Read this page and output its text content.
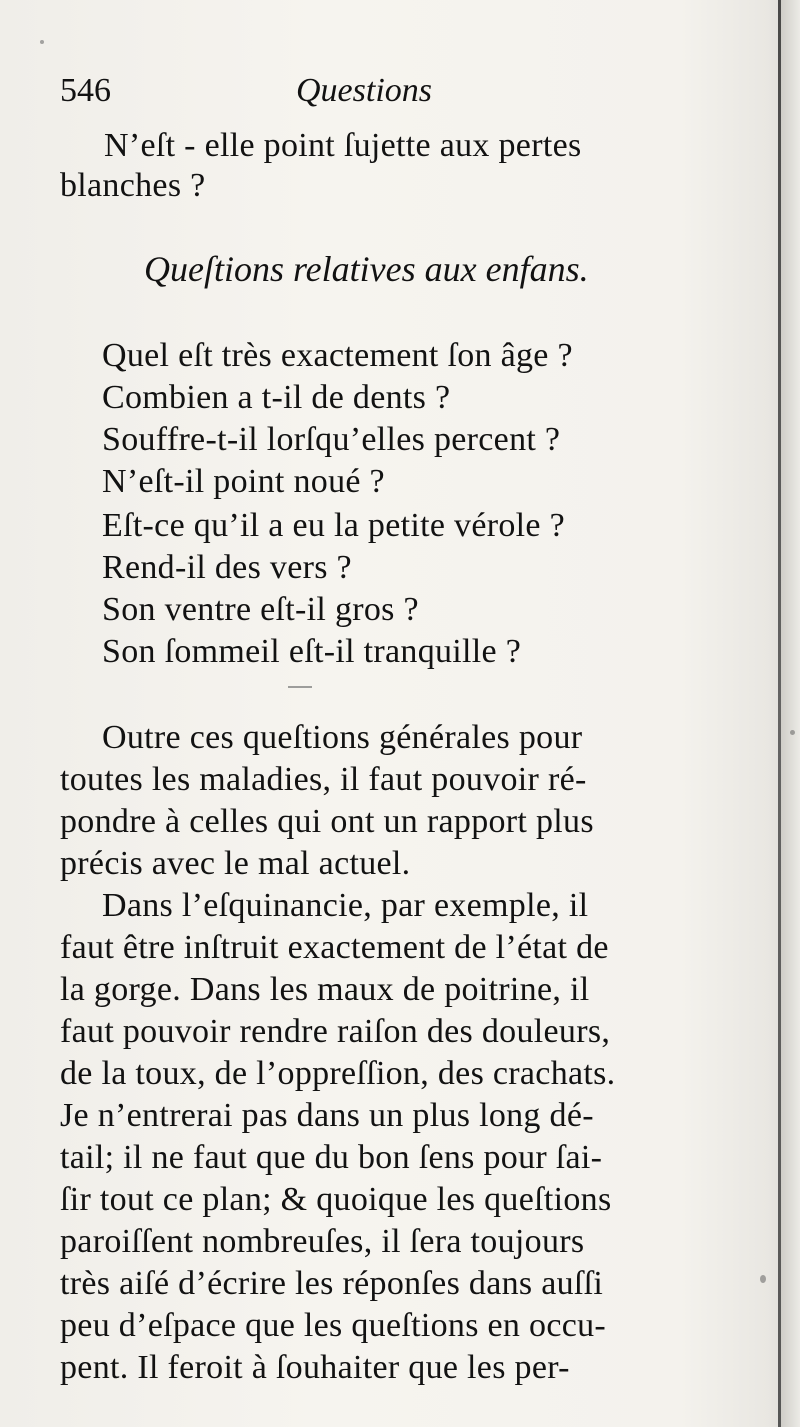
546	Questions
N’eſt - elle point ſujette aux pertes
blanches ?
Queſtions relatives aux enfans.
Quel eſt très exactement ſon âge ?
Combien a t-il de dents ?
Souffre-t-il lorſqu’elles percent ?
N’eſt-il point noué ?
Eſt-ce qu’il a eu la petite vérole ?
Rend-il des vers ?
Son ventre eſt-il gros ?
Son ſommeil eſt-il tranquille ?
Outre ces queſtions générales pour
toutes les maladies, il faut pouvoir ré-
pondre à celles qui ont un rapport plus
précis avec le mal actuel.
Dans l’eſquinancie, par exemple, il
faut être inſtruit exactement de l’état de
la gorge. Dans les maux de poitrine, il
faut pouvoir rendre raiſon des douleurs,
de la toux, de l’oppreſſion, des crachats.
Je n’entrerai pas dans un plus long dé-
tail; il ne faut que du bon ſens pour ſai-
ſir tout ce plan; & quoique les queſtions
paroiſſent nombreuſes, il ſera toujours
très aiſé d’écrire les réponſes dans auſſi
peu d’eſpace que les queſtions en occu-
pent. Il feroit à ſouhaiter que les per-
